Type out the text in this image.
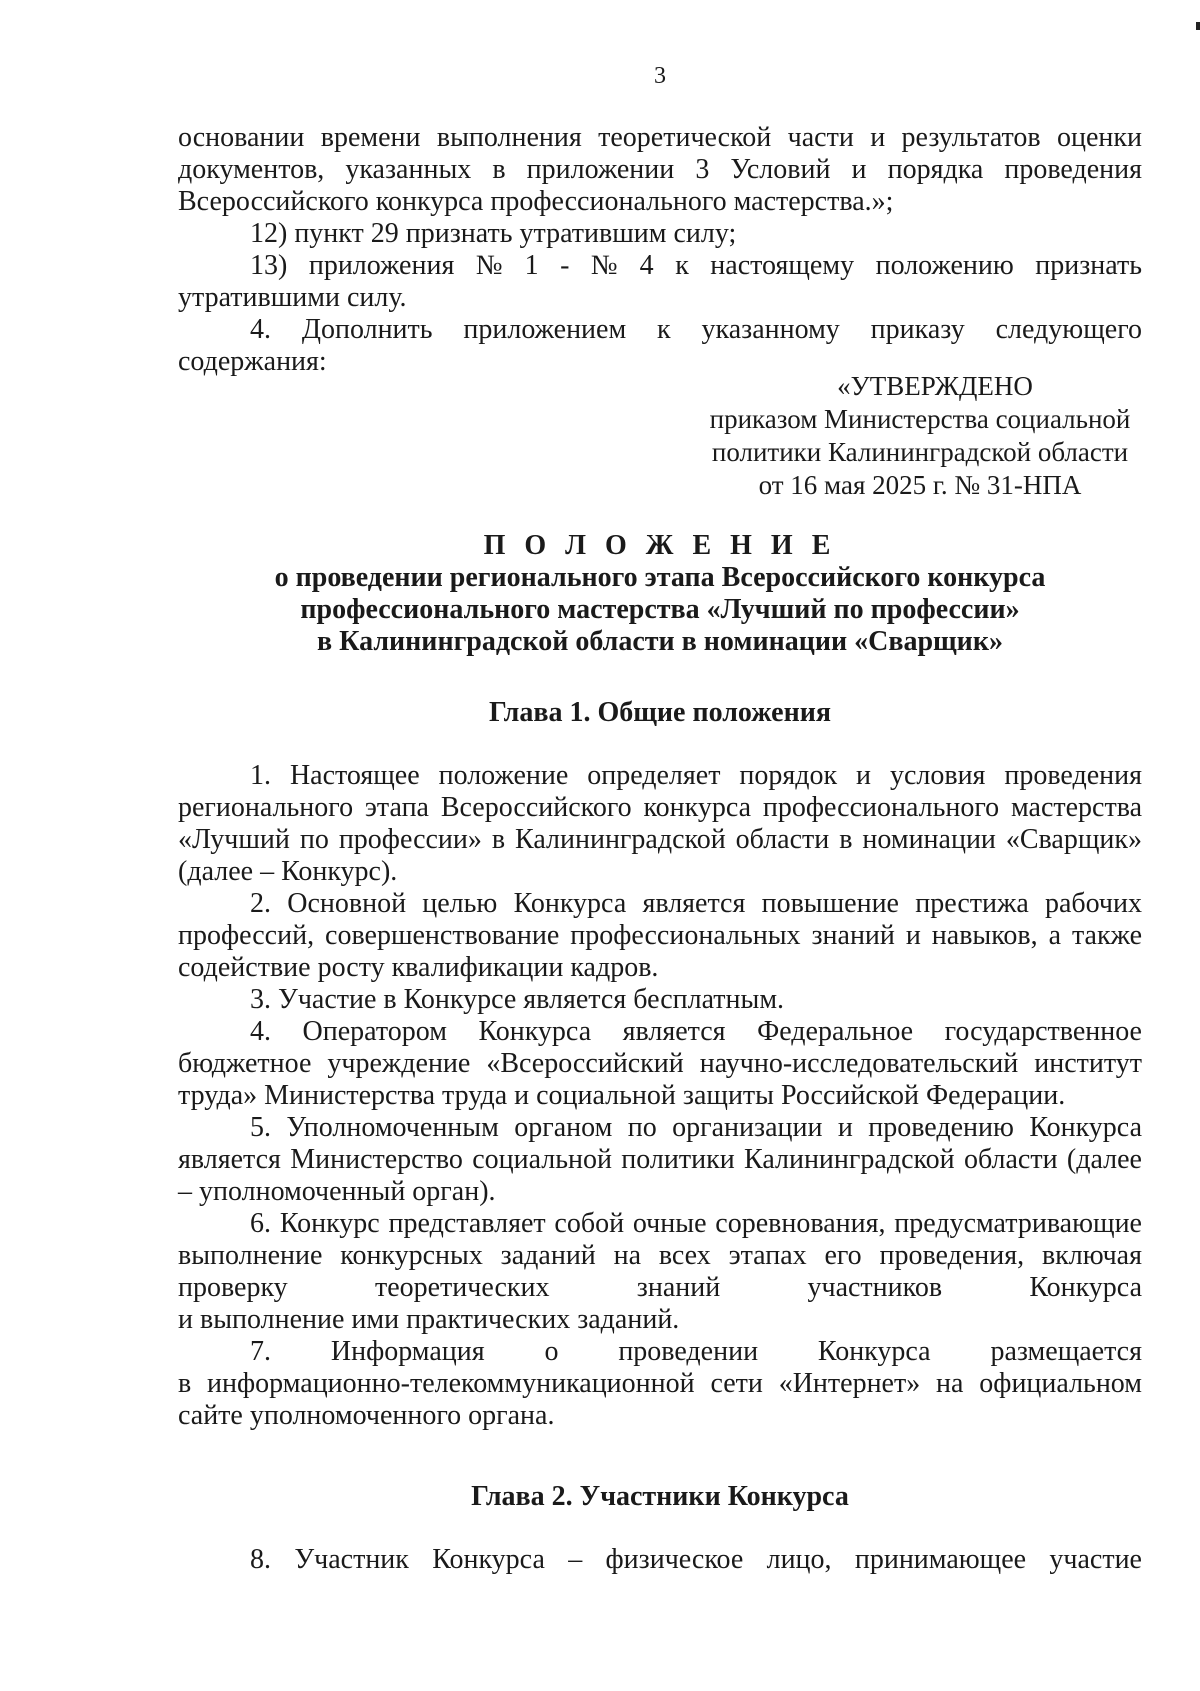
3

основании времени выполнения теоретической части и результатов оценки

документов, указанных в приложении 3 Условий и порядка проведения

Всероссийского конкурса профессионального мастерства.»;

12) пункт 29 признать утратившим силу;

13) приложения № 1 - № 4 к настоящему положению признать

утратившими силу.

4. Дополнить приложением к указанному приказу следующего содержания:

«УТВЕРЖДЕНО
приказом Министерства социальной
политики Калининградской области
от 16 мая 2025 г. № 31-НПА
П О Л О Ж Е Н И Е
о проведении регионального этапа Всероссийского конкурса
профессионального мастерства «Лучший по профессии»
в Калининградской области в номинации «Сварщик»
Глава 1. Общие положения

1. Настоящее положение определяет порядок и условия проведения регионального этапа Всероссийского конкурса профессионального мастерства «Лучший по профессии» в Калининградской области в номинации «Сварщик» (далее – Конкурс).

2. Основной целью Конкурса является повышение престижа рабочих профессий, совершенствование профессиональных знаний и навыков, а также содействие росту квалификации кадров.

3. Участие в Конкурсе является бесплатным.

4. Оператором Конкурса является Федеральное государственное бюджетное учреждение «Всероссийский научно-исследовательский институт труда» Министерства труда и социальной защиты Российской Федерации.

5. Уполномоченным органом по организации и проведению Конкурса является Министерство социальной политики Калининградской области (далее – уполномоченный орган).

6. Конкурс представляет собой очные соревнования, предусматривающие выполнение конкурсных заданий на всех этапах его проведения, включая проверку теоретических знаний участников Конкурса

и выполнение ими практических заданий.

7. Информация о проведении Конкурса размещается

в информационно-телекоммуникационной сети «Интернет» на официальном сайте уполномоченного органа.

Глава 2. Участники Конкурса

8. Участник Конкурса – физическое лицо, принимающее участие
